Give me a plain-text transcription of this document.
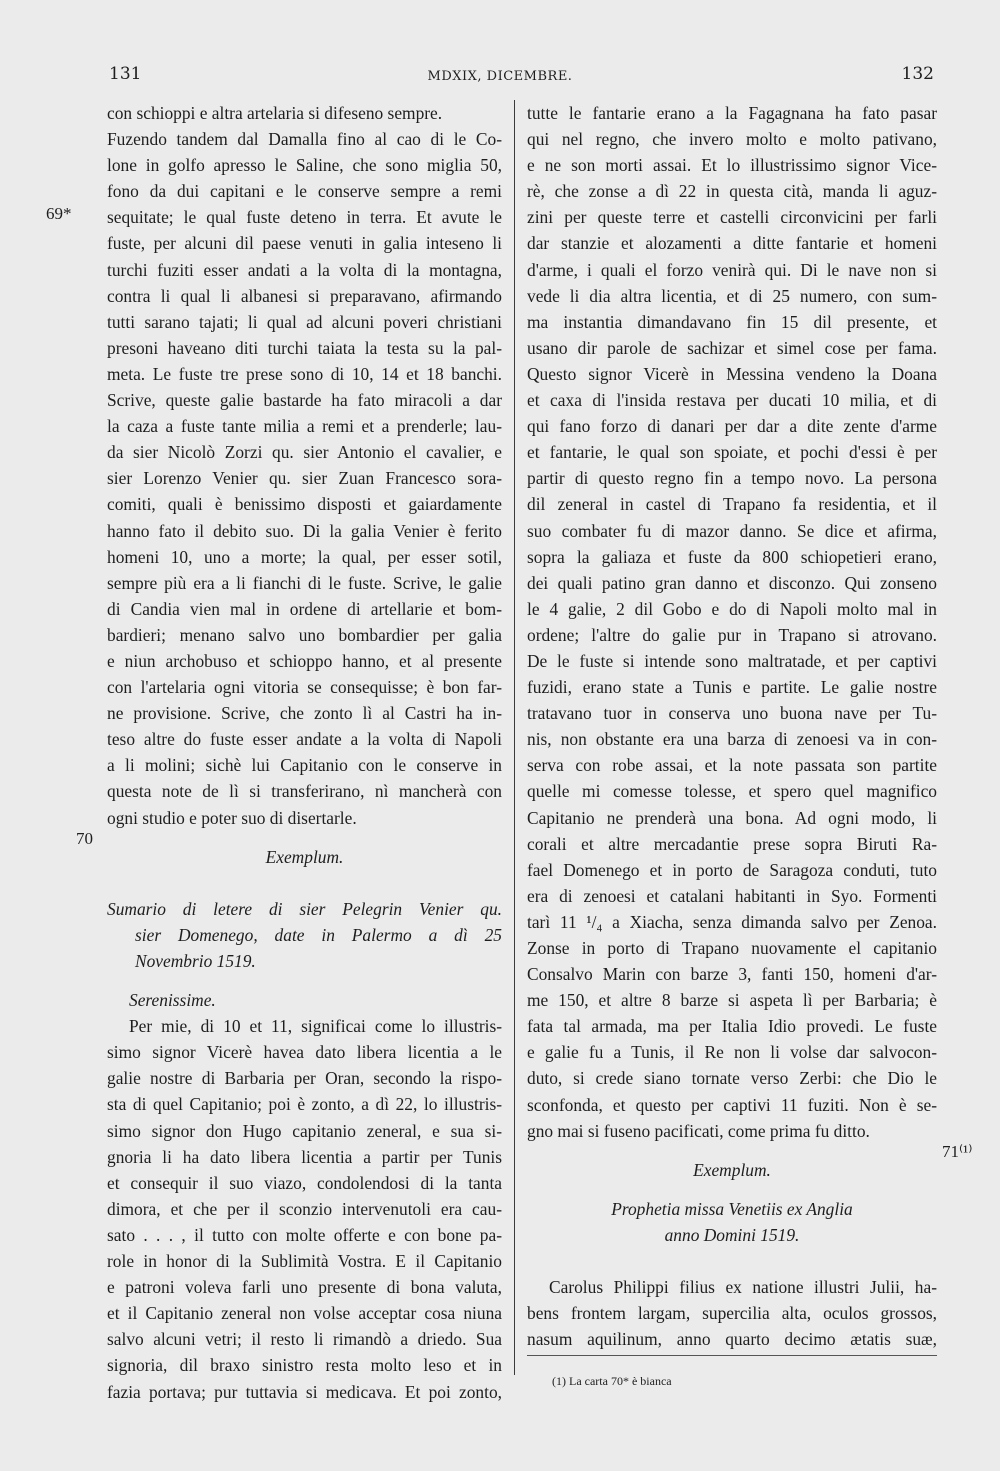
131	MDXIX, DICEMBRE.	132
69*
70
71⁽¹⁾
con schioppi e altra artelaria si difeseno sempre.
Fuzendo tandem dal Damalla fino al cao di le Co-
lone in golfo apresso le Saline, che sono miglia 50,
fono da dui capitani e le conserve sempre a remi
sequitate; le qual fuste deteno in terra. Et avute le
fuste, per alcuni dil paese venuti in galia inteseno li
turchi fuziti esser andati a la volta di la montagna,
contra li qual li albanesi si preparavano, afirmando
tutti sarano tajati; li qual ad alcuni poveri christiani
presoni haveano diti turchi taiata la testa su la pal-
meta. Le fuste tre prese sono di 10, 14 et 18 banchi.
Scrive, queste galie bastarde ha fato miracoli a dar
la caza a fuste tante milia a remi et a prenderle; lau-
da sier Nicolò Zorzi qu. sier Antonio el cavalier, e
sier Lorenzo Venier qu. sier Zuan Francesco sora-
comiti, quali è benissimo disposti et gaiardamente
hanno fato il debito suo. Di la galia Venier è ferito
homeni 10, uno a morte; la qual, per esser sotil,
sempre più era a li fianchi di le fuste. Scrive, le galie
di Candia vien mal in ordene di artellarie et bom-
bardieri; menano salvo uno bombardier per galia
e niun archobuso et schioppo hanno, et al presente
con l'artelaria ogni vitoria se consequisse; è bon far-
ne provisione. Scrive, che zonto lì al Castri ha in-
teso altre do fuste esser andate a la volta di Napoli
a li molini; sichè lui Capitanio con le conserve in
questa note de lì si transferirano, nì mancherà con
ogni studio e poter suo di disertarle.
Exemplum.
Sumario di letere di sier Pelegrin Venier qu.
sier Domenego, date in Palermo a dì 25
Novembrio 1519.
Serenissime.
Per mie, di 10 et 11, significai come lo illustris-
simo signor Vicerè havea dato libera licentia a le
galie nostre di Barbaria per Oran, secondo la rispo-
sta di quel Capitanio; poi è zonto, a dì 22, lo illustris-
simo signor don Hugo capitanio zeneral, e sua si-
gnoria li ha dato libera licentia a partir per Tunis
et consequir il suo viazo, condolendosi di la tanta
dimora, et che per il sconzio intervenutoli era cau-
sato . . . , il tutto con molte offerte e con bone pa-
role in honor di la Sublimità Vostra. E il Capitanio
e patroni voleva farli uno presente di bona valuta,
et il Capitanio zeneral non volse acceptar cosa niuna
salvo alcuni vetri; il resto li rimandò a driedo. Sua
signoria, dil braxo sinistro resta molto leso et in
fazia portava; pur tuttavia si medicava. Et poi zonto,
tutte le fantarie erano a la Fagagnana ha fato pasar
qui nel regno, che invero molto e molto pativano,
e ne son morti assai. Et lo illustrissimo signor Vice-
rè, che zonse a dì 22 in questa cità, manda li aguz-
zini per queste terre et castelli circonvicini per farli
dar stanzie et alozamenti a ditte fantarie et homeni
d'arme, i quali el forzo venirà qui. Di le nave non si
vede li dia altra licentia, et di 25 numero, con sum-
ma instantia dimandavano fin 15 dil presente, et
usano dir parole de sachizar et simel cose per fama.
Questo signor Vicerè in Messina vendeno la Doana
et caxa di l'insida restava per ducati 10 milia, et di
qui fano forzo di danari per dar a dite zente d'arme
et fantarie, le qual son spoiate, et pochi d'essi è per
partir di questo regno fin a tempo novo. La persona
dil zeneral in castel di Trapano fa residentia, et il
suo combater fu di mazor danno. Se dice et afirma,
sopra la galiaza et fuste da 800 schiopetieri erano,
dei quali patino gran danno et disconzo. Qui zonseno
le 4 galie, 2 dil Gobo e do di Napoli molto mal in
ordene; l'altre do galie pur in Trapano si atrovano.
De le fuste si intende sono maltratade, et per captivi
fuzidi, erano state a Tunis e partite. Le galie nostre
tratavano tuor in conserva uno buona nave per Tu-
nis, non obstante era una barza di zenoesi va in con-
serva con robe assai, et la note passata son partite
quelle mi comesse tolesse, et spero quel magnifico
Capitanio ne prenderà una bona. Ad ogni modo, li
corali et altre mercadantie prese sopra Biruti Ra-
fael Domenego et in porto de Saragoza conduti, tuto
era di zenoesi et catalani habitanti in Syo. Formenti
tarì 11 ¹/₄ a Xiacha, senza dimanda salvo per Zenoa.
Zonse in porto di Trapano nuovamente el capitanio
Consalvo Marin con barze 3, fanti 150, homeni d'ar-
me 150, et altre 8 barze si aspeta lì per Barbaria; è
fata tal armada, ma per Italia Idio provedi. Le fuste
e galie fu a Tunis, il Re non li volse dar salvocon-
duto, si crede siano tornate verso Zerbi: che Dio le
sconfonda, et questo per captivi 11 fuziti. Non è se-
gno mai si fuseno pacificati, come prima fu ditto.
Exemplum.
Prophetia missa Venetiis ex Anglia
anno Domini 1519.
Carolus Philippi filius ex natione illustri Julii, ha-
bens frontem largam, supercilia alta, oculos grossos,
nasum aquilinum, anno quarto decimo ætatis suæ,
(1) La carta 70* è bianca
